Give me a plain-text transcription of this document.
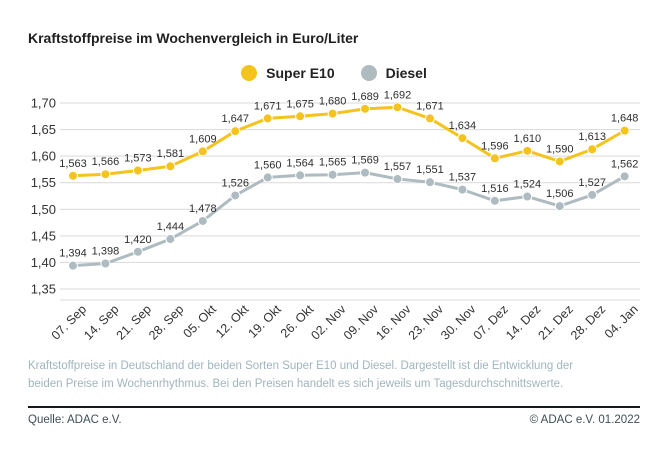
Kraftstoffpreise im Wochenvergleich in Euro/Liter
Super E10	Diesel
1,70
1,65
1,60
1,55
1,50
1,45
1,40
1,35
07. Sep
14. Sep
21. Sep
28. Sep
05. Okt
12. Okt
19. Okt
26. Okt
02. Nov
09. Nov
16. Nov
23. Nov
30. Nov
07. Dez
14. Dez
21. Dez
28. Dez
04. Jan
1,563 1,566 1,573 1,581
1,609
1,647
1,671 1,675 1,680 1,689 1,692
1,671
1,634
1,596
1,610
1,590
1,613
1,648
1,394 1,398
1,420
1,444
1,478
1,526
1,560 1,564 1,565 1,569
1,557 1,551
1,537
1,516 1,524
1,506
1,527
1,562
Kraftstoffpreise in Deutschland der beiden Sorten Super E10 und Diesel. Dargestellt ist die Entwicklung der beiden Preise im Wochenrhythmus. Bei den Preisen handelt es sich jeweils um Tagesdurchschnittswerte.
Quelle: ADAC e.V.	© ADAC e.V. 01.2022
